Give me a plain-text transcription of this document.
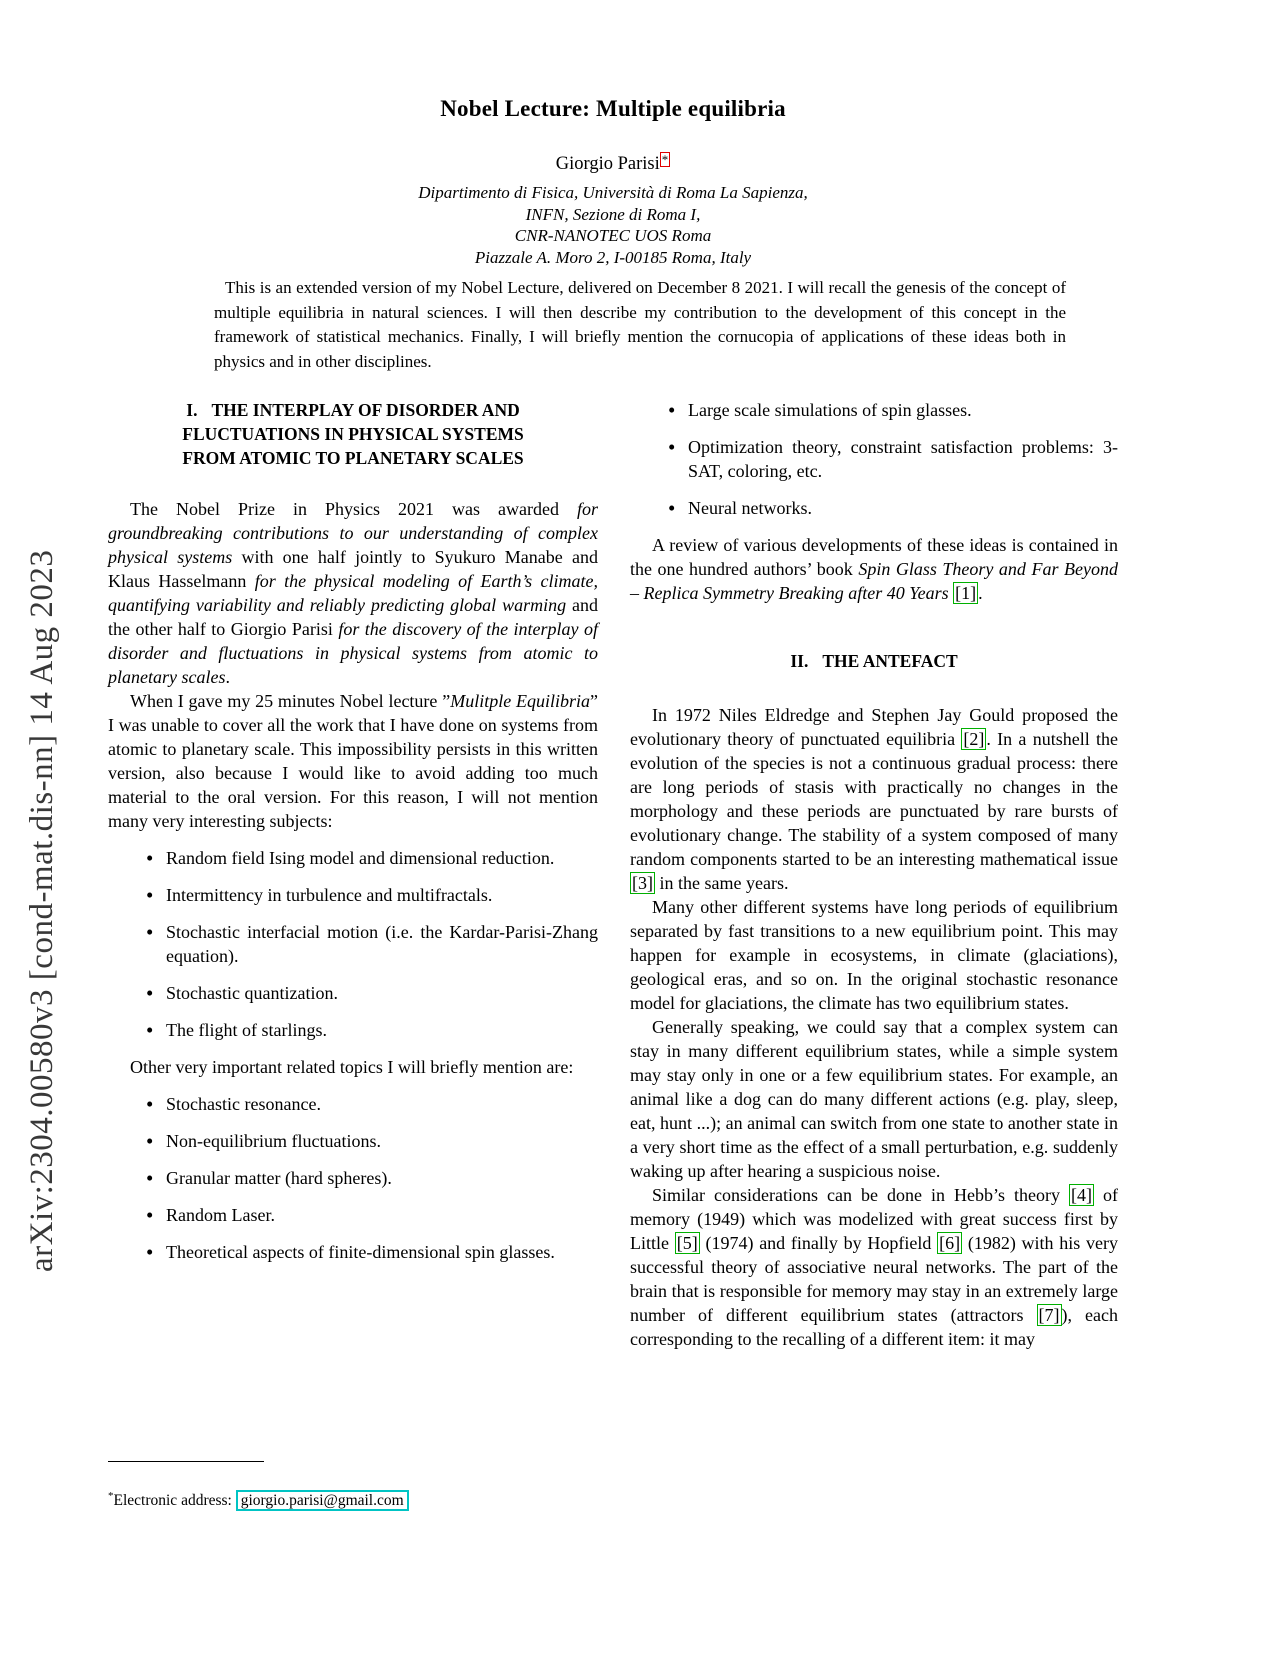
arXiv:2304.00580v3 [cond-mat.dis-nn] 14 Aug 2023
Nobel Lecture: Multiple equilibria
Giorgio Parisi *
Dipartimento di Fisica, Università di Roma La Sapienza,
INFN, Sezione di Roma I,
CNR-NANOTEC UOS Roma
Piazzale A. Moro 2, I-00185 Roma, Italy
This is an extended version of my Nobel Lecture, delivered on December 8 2021. I will recall the genesis of the concept of multiple equilibria in natural sciences. I will then describe my contribution to the development of this concept in the framework of statistical mechanics. Finally, I will briefly mention the cornucopia of applications of these ideas both in physics and in other disciplines.
I. THE INTERPLAY OF DISORDER AND
FLUCTUATIONS IN PHYSICAL SYSTEMS
FROM ATOMIC TO PLANETARY SCALES

The Nobel Prize in Physics 2021 was awarded for groundbreaking contributions to our understanding of complex physical systems with one half jointly to Syukuro Manabe and Klaus Hasselmann for the physical modeling of Earth’s climate, quantifying variability and reliably predicting global warming and the other half to Giorgio Parisi for the discovery of the interplay of disorder and fluctuations in physical systems from atomic to planetary scales.

When I gave my 25 minutes Nobel lecture ”Mulitple Equilibria” I was unable to cover all the work that I have done on systems from atomic to planetary scale. This impossibility persists in this written version, also because I would like to avoid adding too much material to the oral version. For this reason, I will not mention many very interesting subjects:

• Random field Ising model and dimensional reduction.
• Intermittency in turbulence and multifractals.
• Stochastic interfacial motion (i.e. the Kardar-Parisi-Zhang equation).
• Stochastic quantization.
• The flight of starlings.

Other very important related topics I will briefly mention are:

• Stochastic resonance.
• Non-equilibrium fluctuations.
• Granular matter (hard spheres).
• Random Laser.
• Theoretical aspects of finite-dimensional spin glasses.
• Large scale simulations of spin glasses.
• Optimization theory, constraint satisfaction problems: 3-SAT, coloring, etc.
• Neural networks.

A review of various developments of these ideas is contained in the one hundred authors’ book Spin Glass Theory and Far Beyond – Replica Symmetry Breaking after 40 Years [1] .

II. THE ANTEFACT

In 1972 Niles Eldredge and Stephen Jay Gould proposed the evolutionary theory of punctuated equilibria [2] . In a nutshell the evolution of the species is not a continuous gradual process: there are long periods of stasis with practically no changes in the morphology and these periods are punctuated by rare bursts of evolutionary change. The stability of a system composed of many random components started to be an interesting mathematical issue [3] in the same years.

Many other different systems have long periods of equilibrium separated by fast transitions to a new equilibrium point. This may happen for example in ecosystems, in climate (glaciations), geological eras, and so on. In the original stochastic resonance model for glaciations, the climate has two equilibrium states.

Generally speaking, we could say that a complex system can stay in many different equilibrium states, while a simple system may stay only in one or a few equilibrium states. For example, an animal like a dog can do many different actions (e.g. play, sleep, eat, hunt ...); an animal can switch from one state to another state in a very short time as the effect of a small perturbation, e.g. suddenly waking up after hearing a suspicious noise.

Similar considerations can be done in Hebb’s theory [4] of memory (1949) which was modelized with great success first by Little [5] (1974) and finally by Hopfield [6] (1982) with his very successful theory of associative neural networks. The part of the brain that is responsible for memory may stay in an extremely large number of different equilibrium states (attractors [7] ), each corresponding to the recalling of a different item: it may

*Electronic address: giorgio.parisi@gmail.com
